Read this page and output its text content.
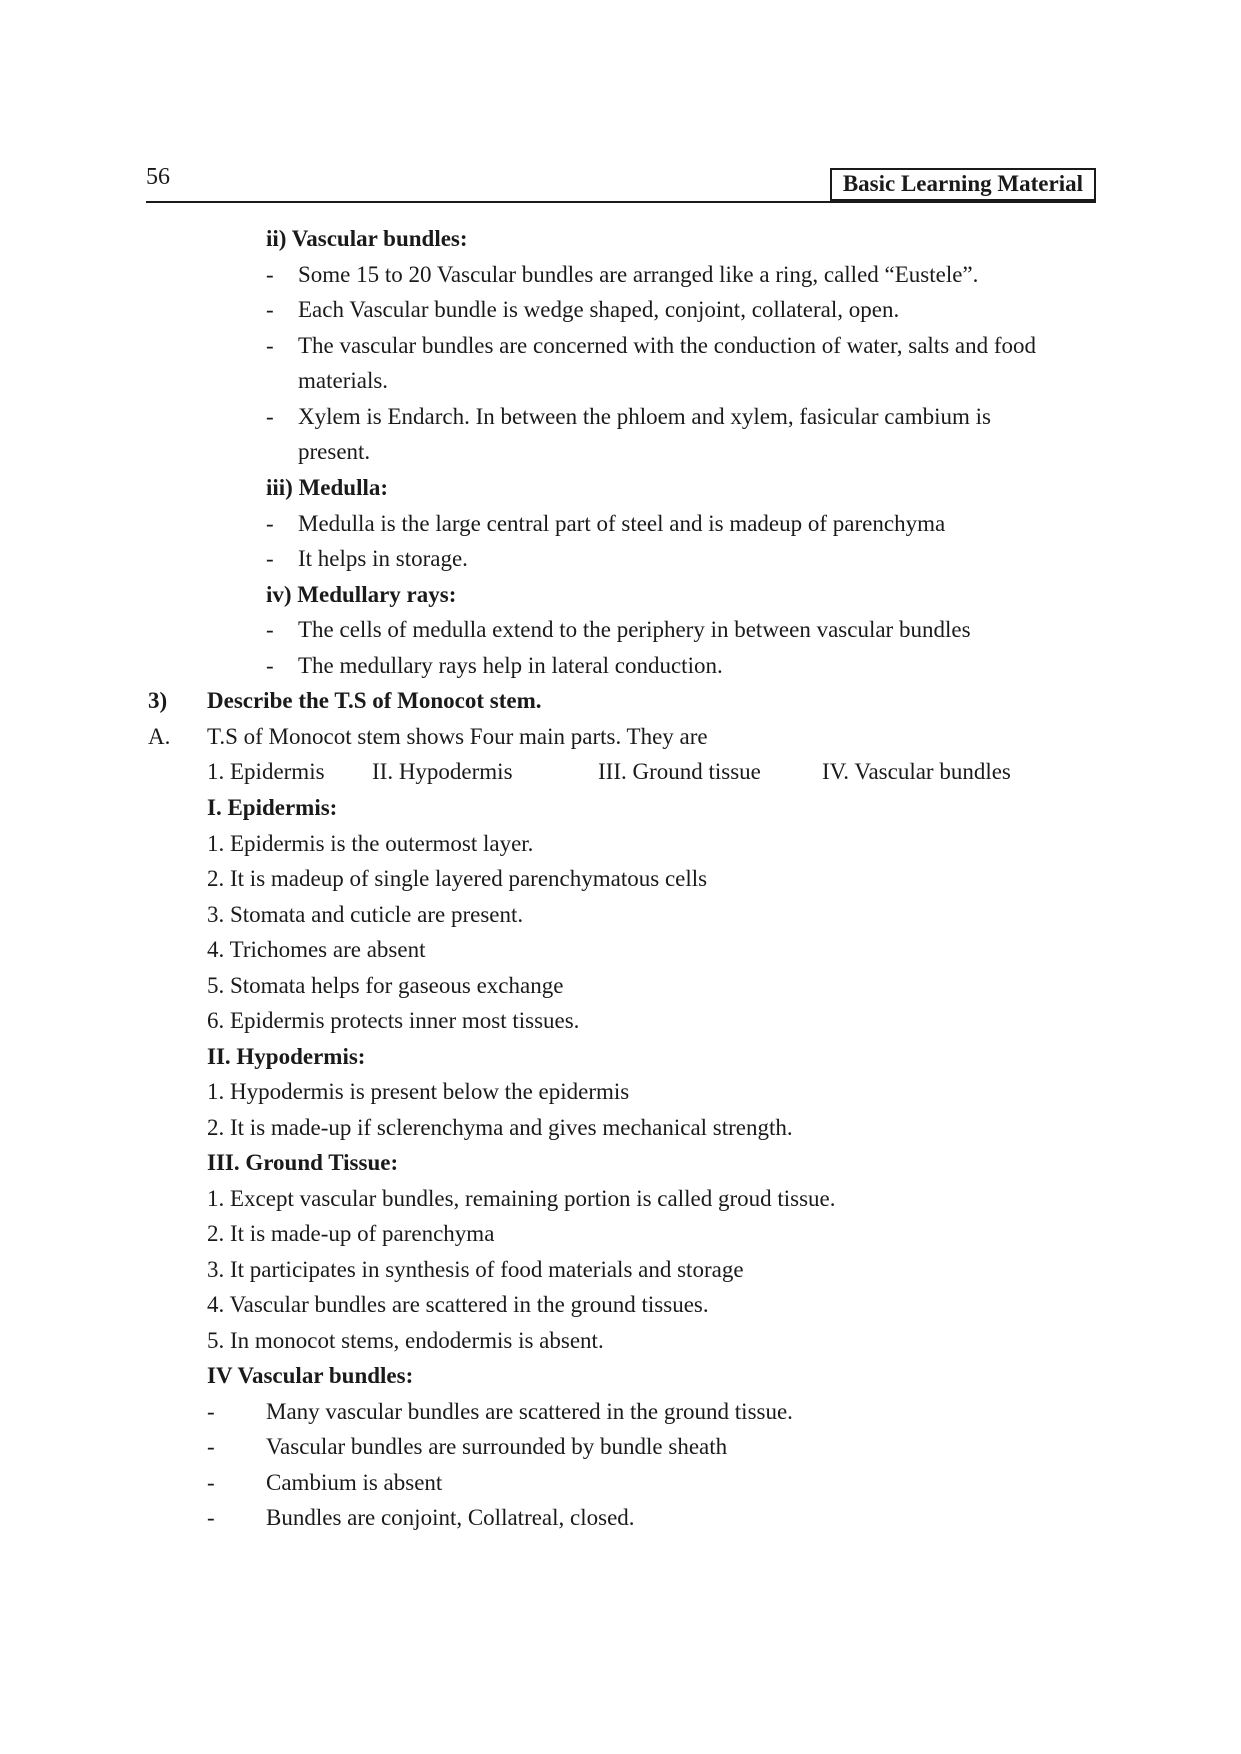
56	Basic Learning Material
ii) Vascular bundles:
- Some 15 to 20 Vascular bundles are arranged like a ring, called “Eustele”.
- Each Vascular bundle is wedge shaped, conjoint, collateral, open.
- The vascular bundles are concerned with the conduction of water, salts and food
materials.
- Xylem is Endarch. In between the phloem and xylem, fasicular cambium is
present.
iii) Medulla:
- Medulla is the large central part of steel and is madeup of parenchyma
- It helps in storage.
iv) Medullary rays:
- The cells of medulla extend to the periphery in between vascular bundles
- The medullary rays help in lateral conduction.
3) Describe the T.S of Monocot stem.
A. T.S of Monocot stem shows Four main parts. They are
1. Epidermis II. Hypodermis	III. Ground tissue	IV. Vascular bundles
I. Epidermis:
1. Epidermis is the outermost layer.
2. It is madeup of single layered parenchymatous cells
3. Stomata and cuticle are present.
4. Trichomes are absent
5. Stomata helps for gaseous exchange
6. Epidermis protects inner most tissues.
II. Hypodermis:
1. Hypodermis is present below the epidermis
2. It is made-up if sclerenchyma and gives mechanical strength.
III. Ground Tissue:
1. Except vascular bundles, remaining portion is called groud tissue.
2. It is made-up of parenchyma
3. It participates in synthesis of food materials and storage
4. Vascular bundles are scattered in the ground tissues.
5. In monocot stems, endodermis is absent.
IV Vascular bundles:
- Many vascular bundles are scattered in the ground tissue.
- Vascular bundles are surrounded by bundle sheath
- Cambium is absent
- Bundles are conjoint, Collatreal, closed.
